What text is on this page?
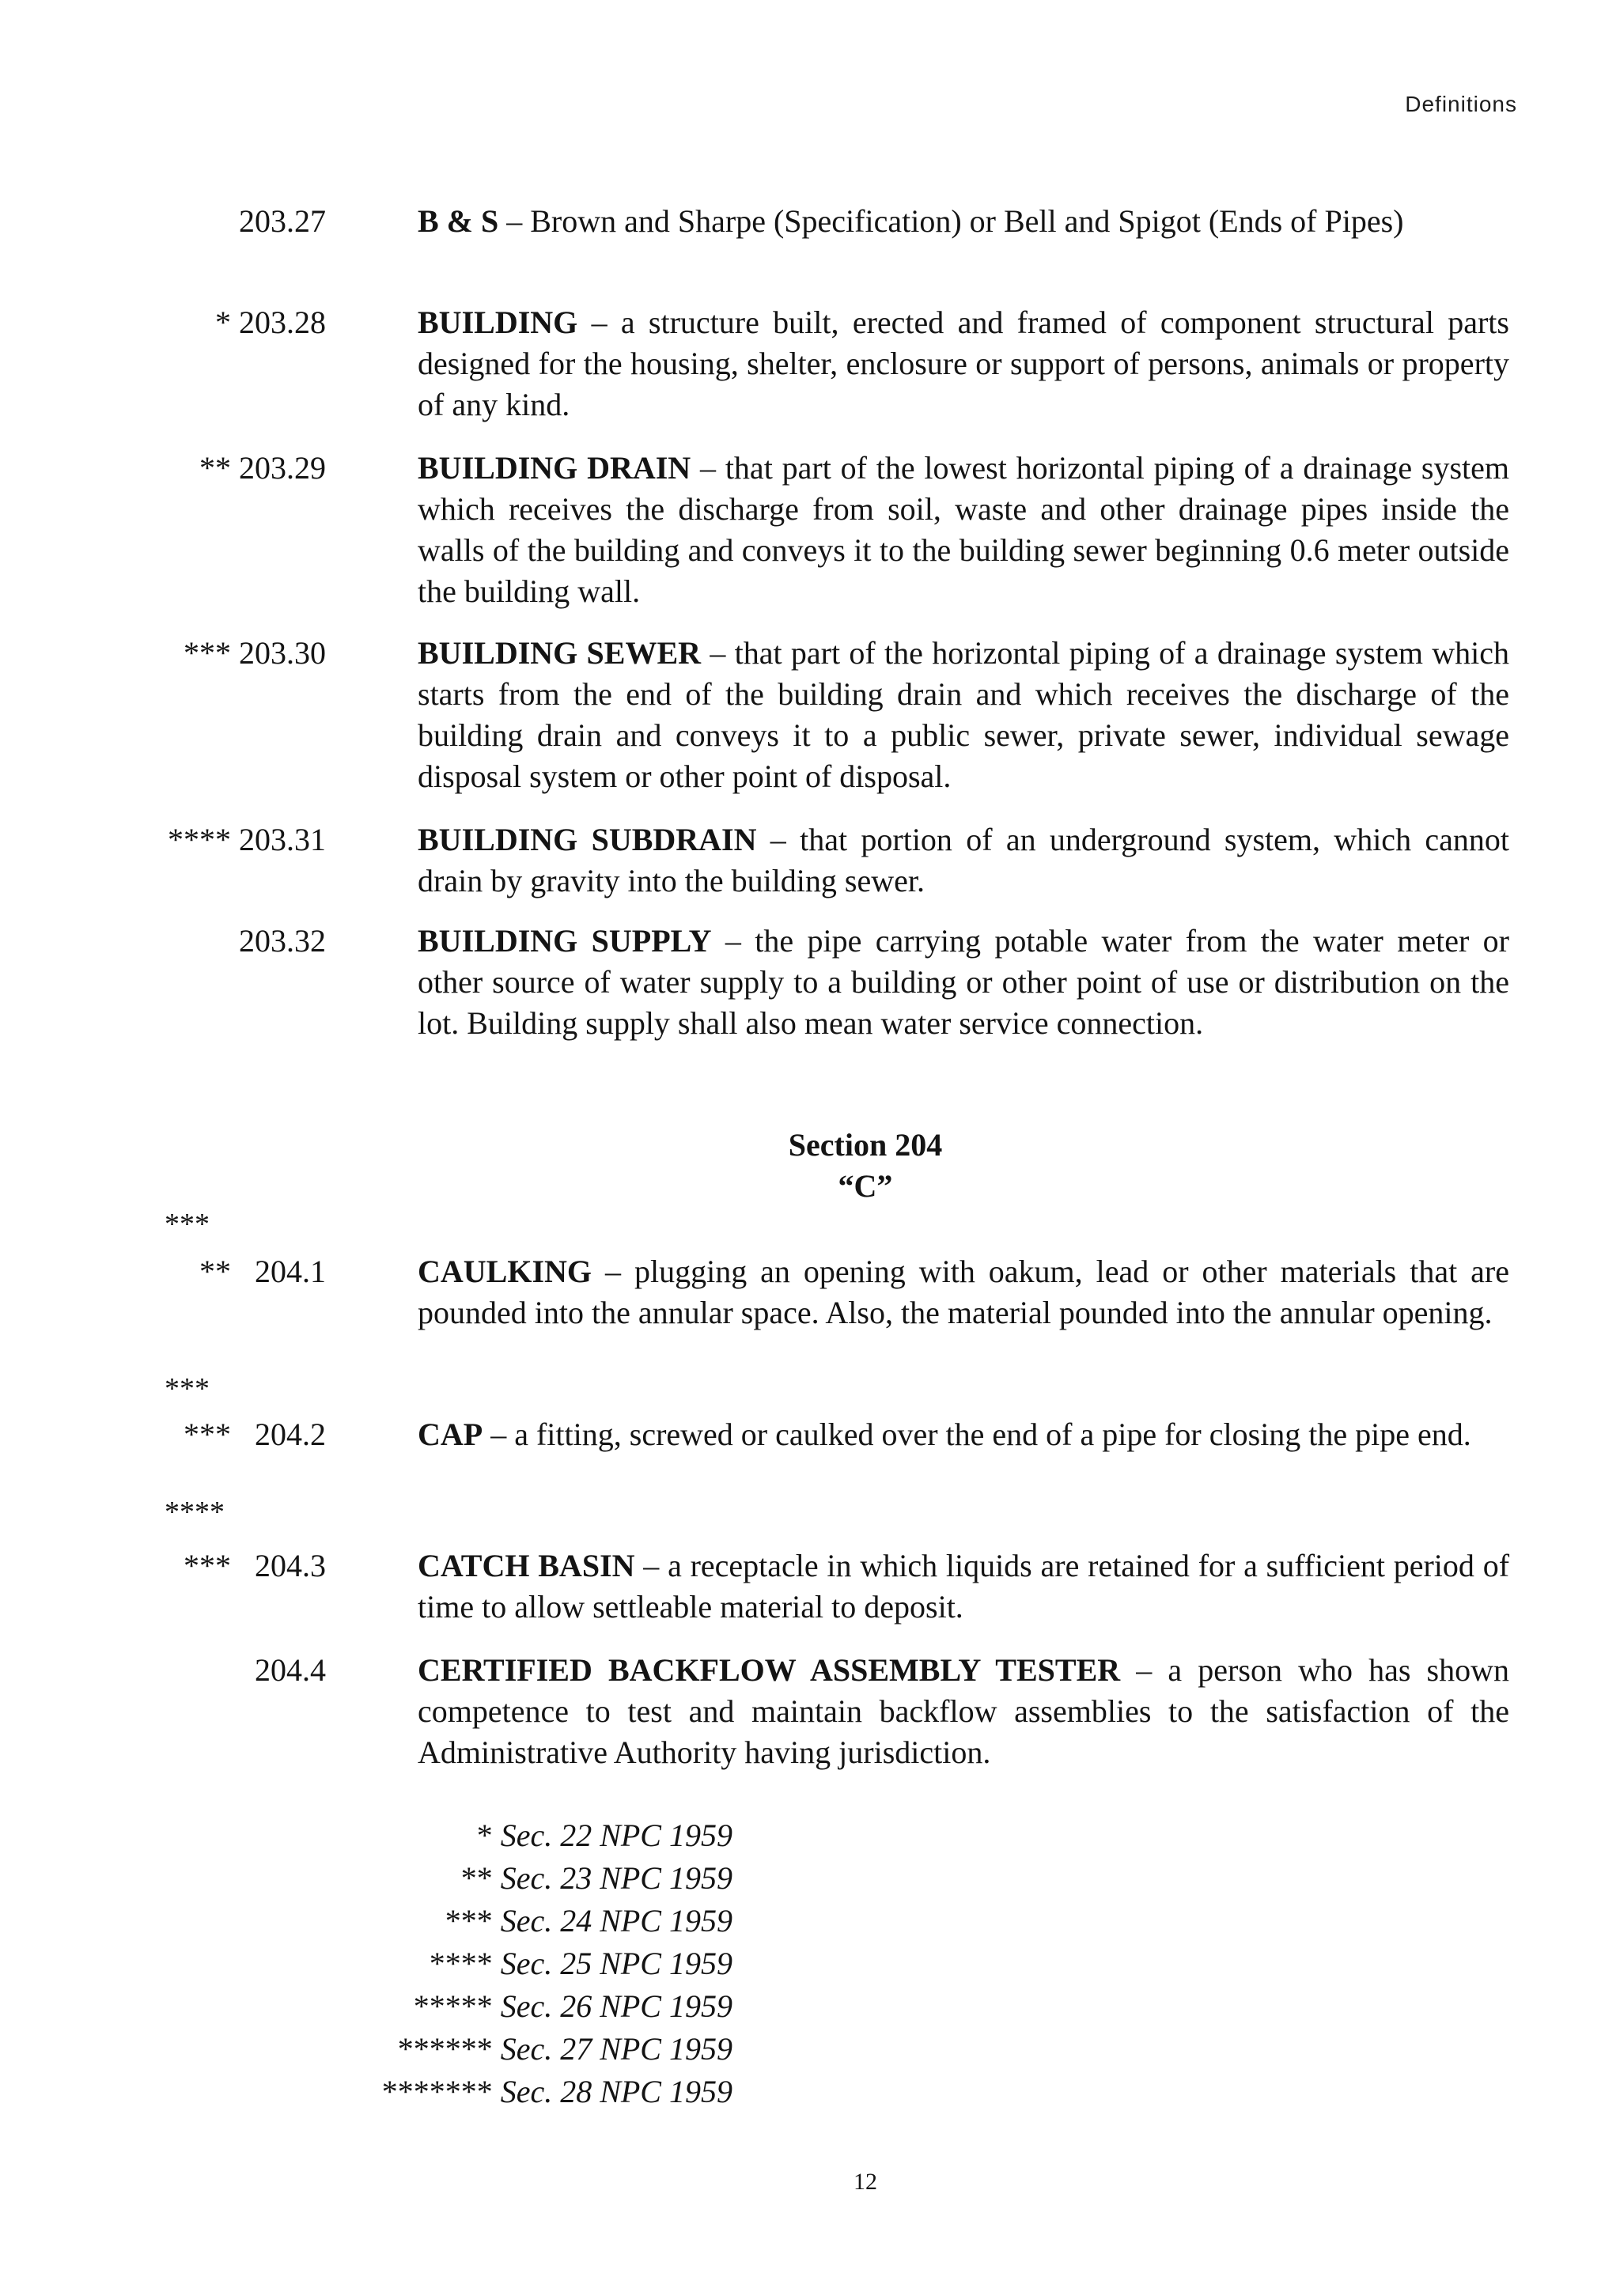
Definitions
203.27	B & S – Brown and Sharpe (Specification) or Bell and Spigot (Ends of Pipes)
* 203.28	BUILDING – a structure built, erected and framed of component structural parts designed for the housing, shelter, enclosure or support of persons, animals or property of any kind.
** 203.29	BUILDING DRAIN – that part of the lowest horizontal piping of a drainage system which receives the discharge from soil, waste and other drainage pipes inside the walls of the building and conveys it to the building sewer beginning 0.6 meter outside the building wall.
*** 203.30	BUILDING SEWER – that part of the horizontal piping of a drainage system which starts from the end of the building drain and which receives the discharge of the building drain and conveys it to a public sewer, private sewer, individual sewage disposal system or other point of disposal.
**** 203.31	BUILDING SUBDRAIN – that portion of an underground system, which cannot drain by gravity into the building sewer.
203.32	BUILDING SUPPLY – the pipe carrying potable water from the water meter or other source of water supply to a building or other point of use or distribution on the lot. Building supply shall also mean water service connection.
Section 204
“C”
***
** 204.1	CAULKING – plugging an opening with oakum, lead or other materials that are pounded into the annular space. Also, the material pounded into the annular opening.
***
*** 204.2	CAP – a fitting, screwed or caulked over the end of a pipe for closing the pipe end.
****
*** 204.3	CATCH BASIN – a receptacle in which liquids are retained for a sufficient period of time to allow settleable material to deposit.
204.4	CERTIFIED BACKFLOW ASSEMBLY TESTER – a person who has shown competence to test and maintain backflow assemblies to the satisfaction of the Administrative Authority having jurisdiction.
* Sec. 22 NPC 1959
** Sec. 23 NPC 1959
*** Sec. 24 NPC 1959
**** Sec. 25 NPC 1959
***** Sec. 26 NPC 1959
****** Sec. 27 NPC 1959
******* Sec. 28 NPC 1959
12
